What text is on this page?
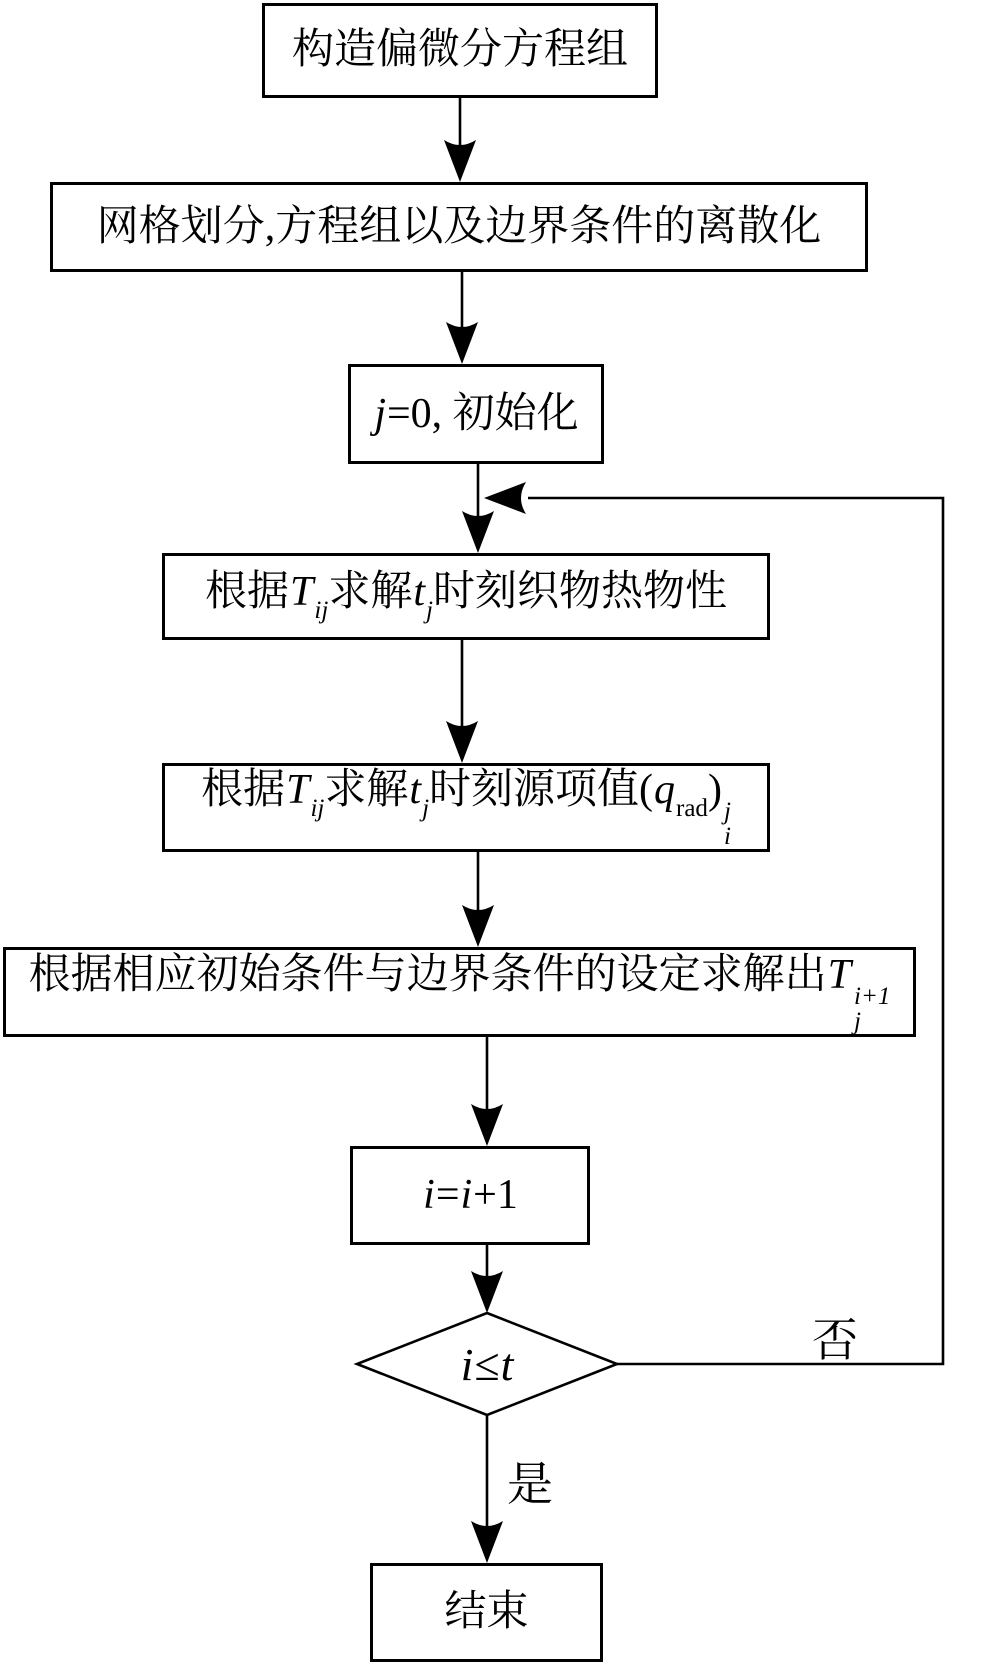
构造偏微分方程组
网格划分,方程组以及边界条件的离散化
j=0, 初始化
根据$T_{ij}$求解$t_j$时刻织物热物性
根据$T_{ij}$求解$t_j$时刻源项值$(q_{rad})$ j
i
根据相应初始条件与边界条件的设定求解出T i+1
j
i=i+1
i≤t
结束
否
是
